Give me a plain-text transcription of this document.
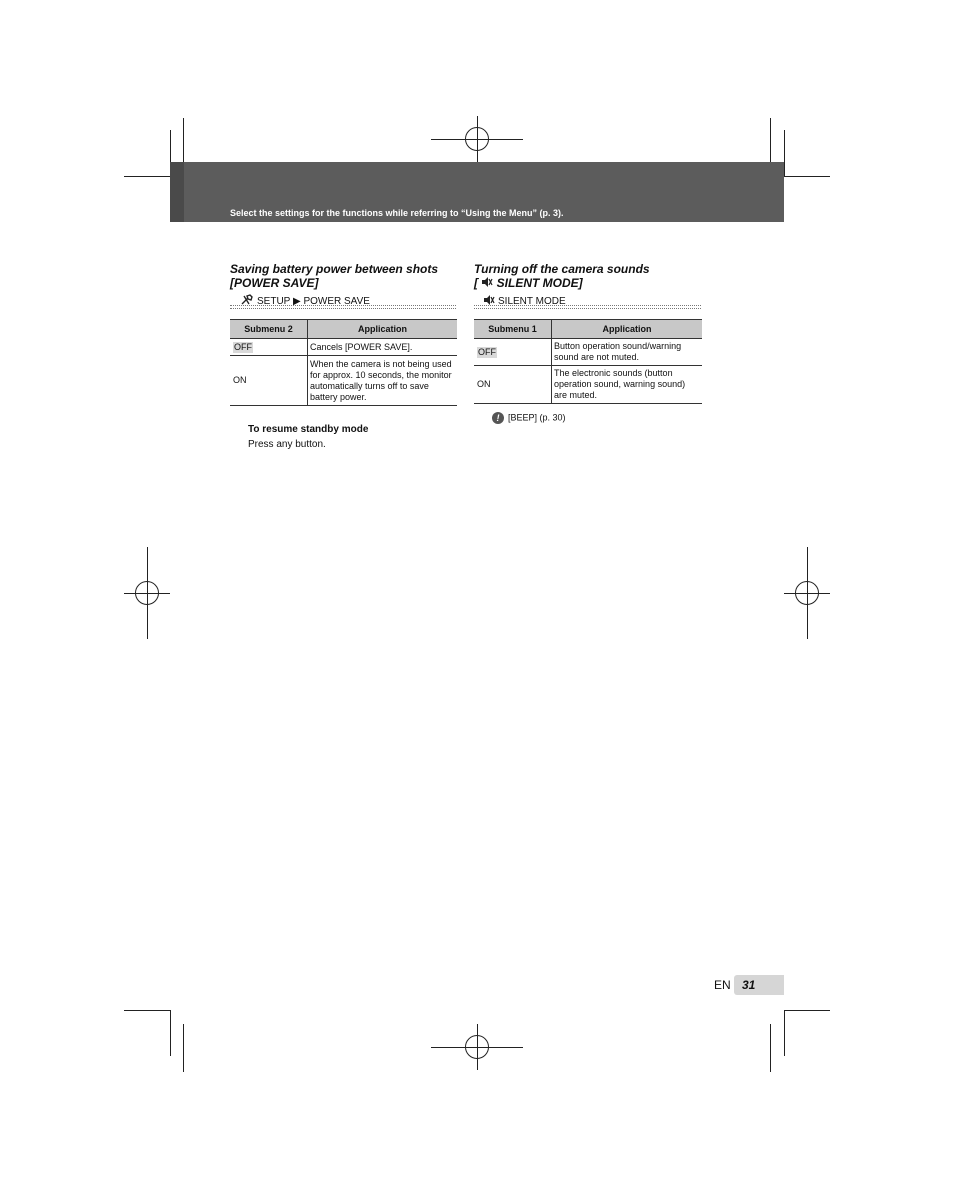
Select the settings for the functions while referring to “Using the Menu” (p. 3).
Saving battery power between shots
[POWER SAVE]
SETUP ▶ POWER SAVE
Submenu 2	Application
OFF	Cancels [POWER SAVE].
ON	When the camera is not being used for approx. 10 seconds, the monitor automatically turns off to save battery power.
To resume standby mode
Press any button.
Turning off the camera sounds
[  SILENT MODE]
SILENT MODE
Submenu 1	Application
OFF	Button operation sound/warning sound are not muted.
ON	The electronic sounds (button operation sound, warning sound) are muted.
! [BEEP] (p. 30)
EN 31
